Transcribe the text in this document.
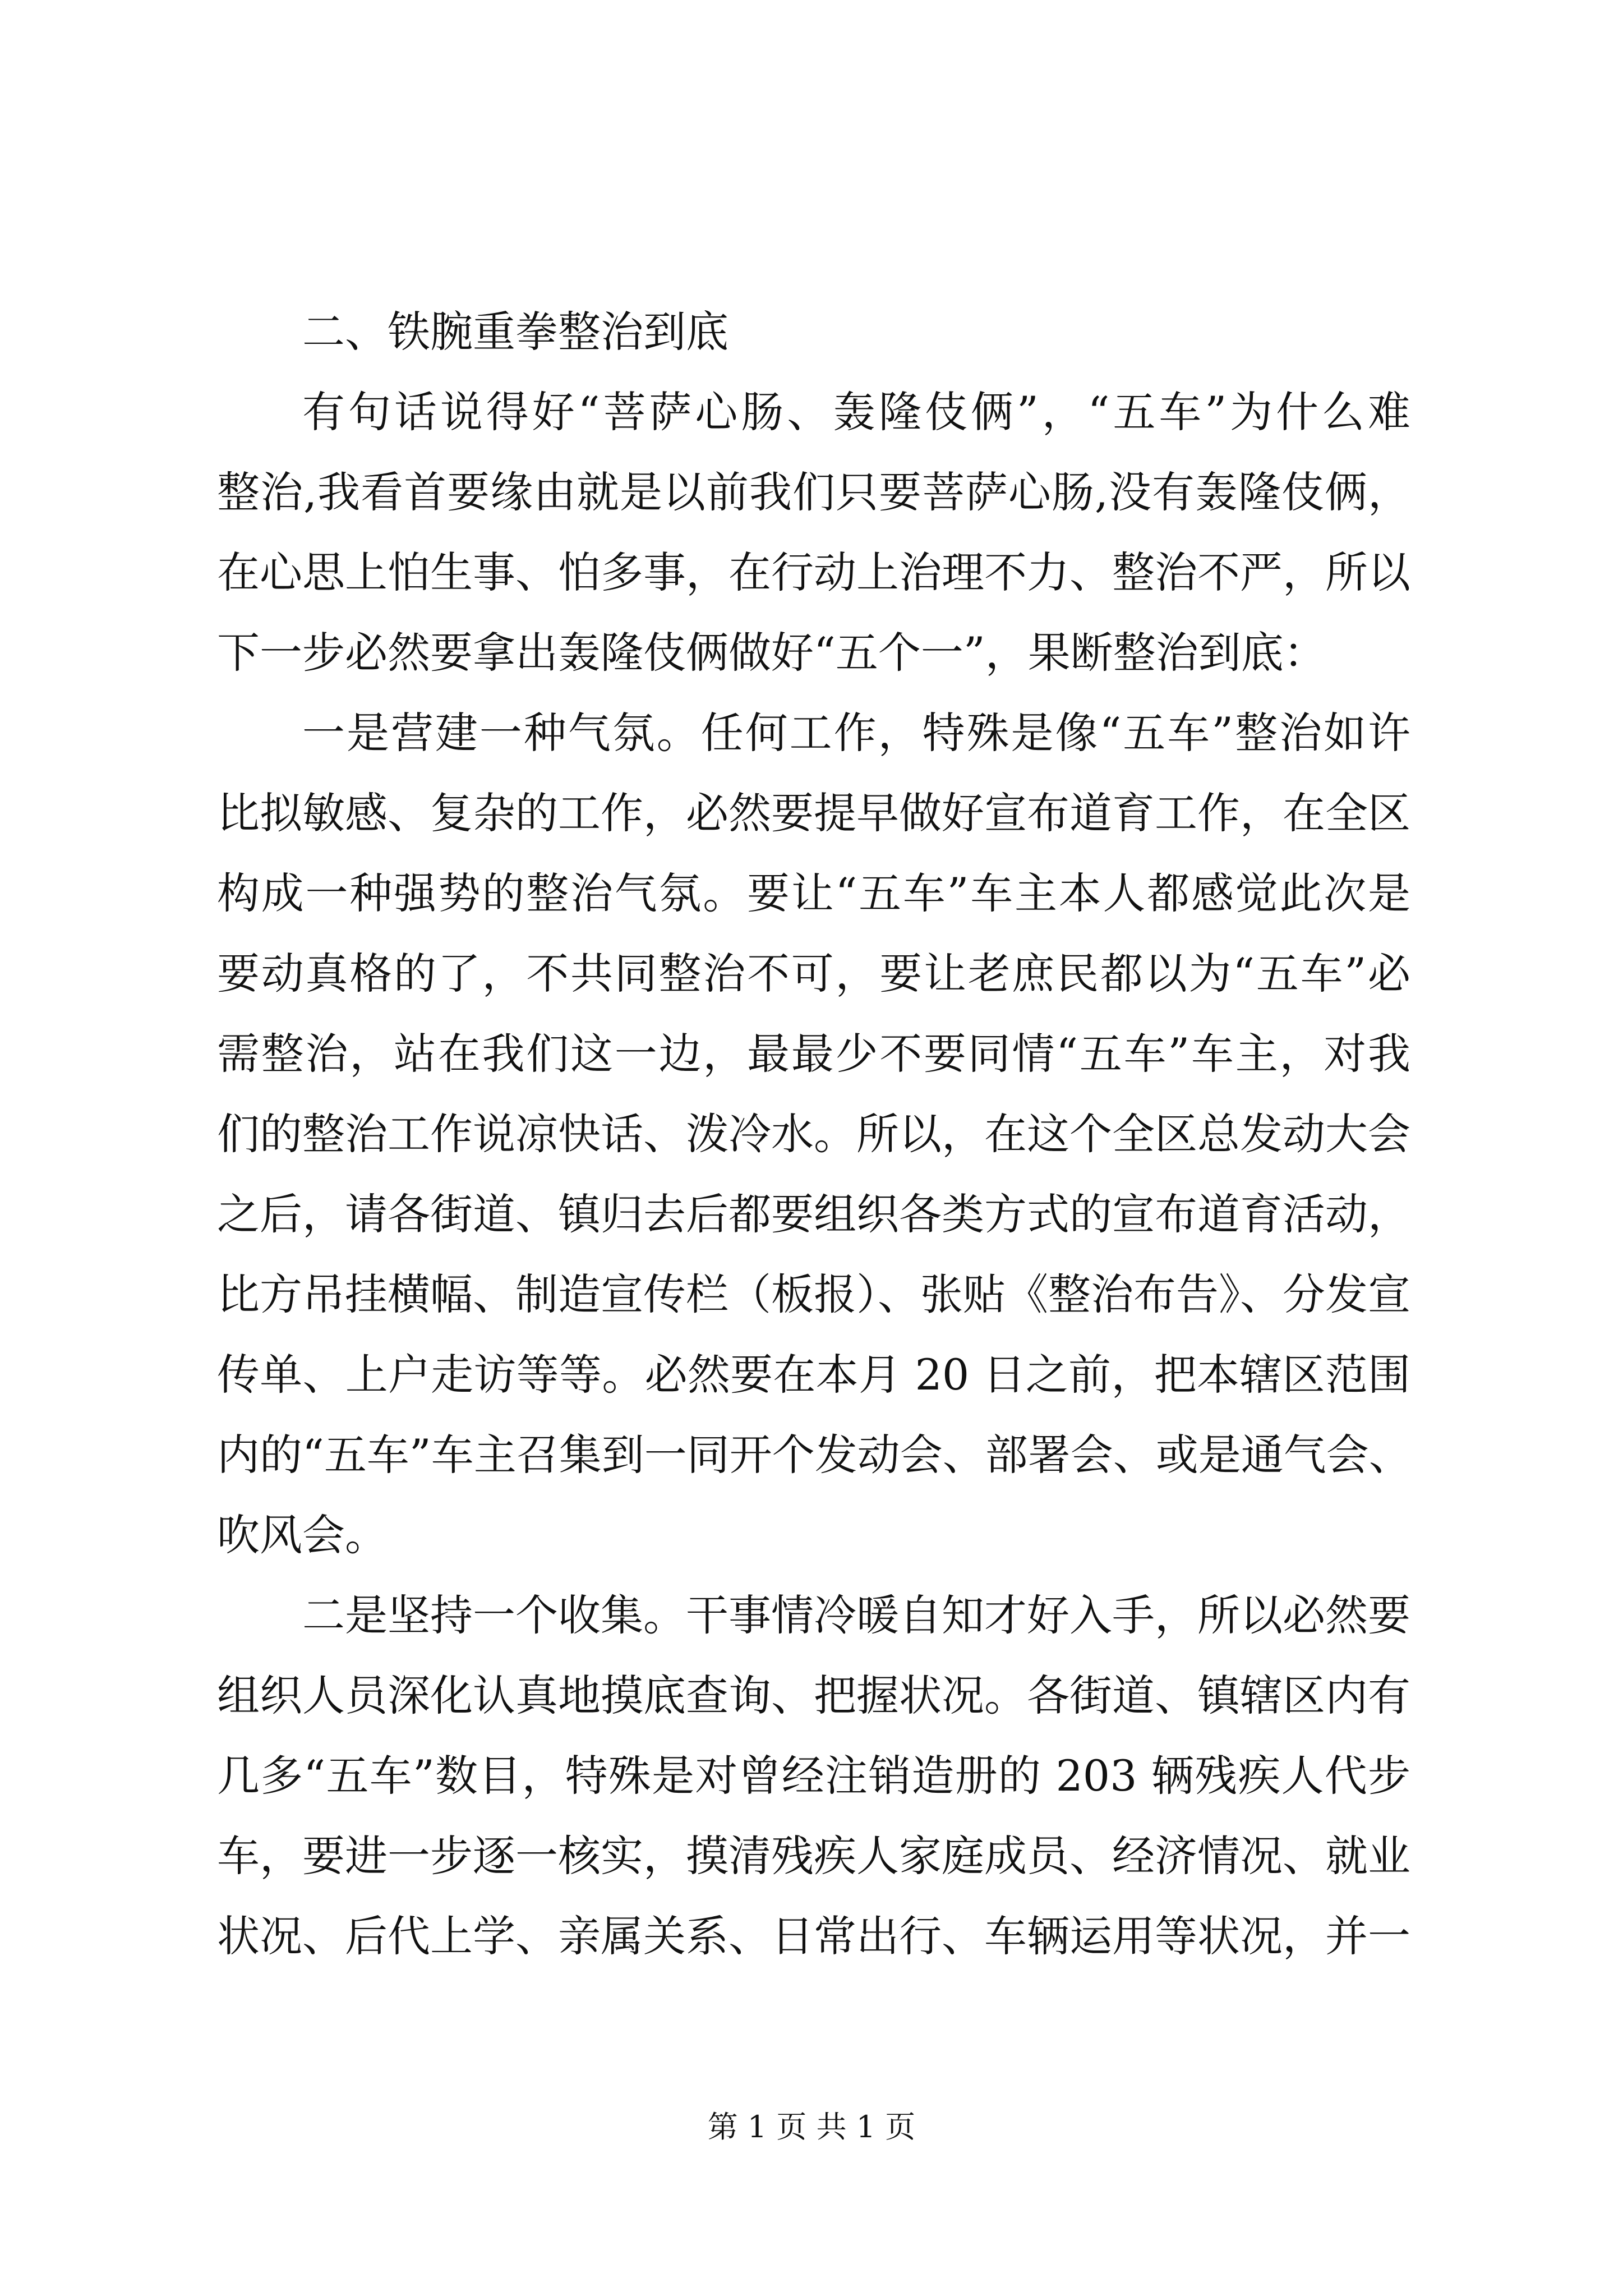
二、铁腕重拳整治到底
有句话说得好“菩萨心肠、轰隆伎俩”，“五车”为什么难
整治,我看首要缘由就是以前我们只要菩萨心肠,没有轰隆伎俩，
在心思上怕生事、怕多事，在行动上治理不力、整治不严，所以
下一步必然要拿出轰隆伎俩做好“五个一”，果断整治到底：
一是营建一种气氛。任何工作，特殊是像“五车”整治如许
比拟敏感、复杂的工作，必然要提早做好宣布道育工作，在全区
构成一种强势的整治气氛。要让“五车”车主本人都感觉此次是
要动真格的了，不共同整治不可，要让老庶民都以为“五车”必
需整治，站在我们这一边，最最少不要同情“五车”车主，对我
们的整治工作说凉快话、泼冷水。所以，在这个全区总发动大会
之后，请各街道、镇归去后都要组织各类方式的宣布道育活动，
比方吊挂横幅、制造宣传栏（板报）、张贴《整治布告》、分发宣
传单、上户走访等等。必然要在本月 20 日之前，把本辖区范围
内的“五车”车主召集到一同开个发动会、部署会、或是通气会、
吹风会。
二是坚持一个收集。干事情冷暖自知才好入手，所以必然要
组织人员深化认真地摸底查询、把握状况。各街道、镇辖区内有
几多“五车”数目，特殊是对曾经注销造册的 203 辆残疾人代步
车，要进一步逐一核实，摸清残疾人家庭成员、经济情况、就业
状况、后代上学、亲属关系、日常出行、车辆运用等状况，并一
第 1 页 共 1 页
